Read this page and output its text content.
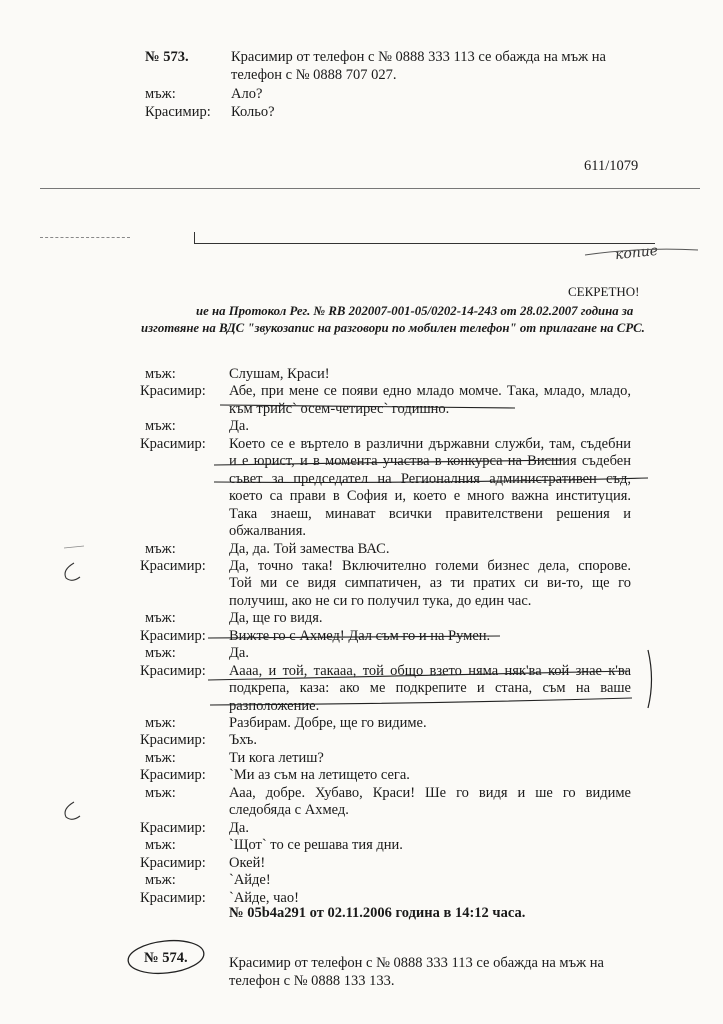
№ 573.	Красимир от телефон с № 0888 333 113 се обажда на мъж на
телефон с № 0888 707 027.
мъж:	Ало?
Красимир: Кольо?
611/1079
копие
СЕКРЕТНО!
ие на Протокол Рег. № RB 202007-001-05/0202-14-243 от 28.02.2007 година за
изготвяне на ВДС "звукозапис на разговори по мобилен телефон" от прилагане на СРС.
мъж:	Слушам, Краси!
Красимир: Абе, при мене се появи едно младо момче. Така, младо, младо,
към трийс` осем-четирес` годишно.
мъж:	Да.
Красимир: Което се е въртело в различни държавни служби, там, съдебни
и е юрист, и в момента участва в конкурса на Висшия съдебен
съвет за председател на Регионалния административен съд,
което са прави в София и, което е много важна институция.
Така знаеш, минават всички правителствени решения и
обжалвания.
мъж:	Да, да. Той замества ВАС.
Красимир: Да, точно така! Включително големи бизнес дела, спорове.
Той ми се видя симпатичен, аз ти пратих си ви-то, ще го
получиш, ако не си го получил тука, до един час.
мъж:	Да, ще го видя.
Красимир: Вижте го с Ахмед! Дал съм го и на Румен.
мъж:	Да.
Красимир: Аааа, и той, такааа, той общо взето няма няк'ва кой знае к'ва
подкрепа, каза: ако ме подкрепите и стана, съм на ваше
разположение.
мъж:	Разбирам. Добре, ще го видиме.
Красимир: Ъхъ.
мъж:	Ти кога летиш?
Красимир: `Ми аз съм на летището сега.
мъж:	Ааа, добре. Хубаво, Краси! Ше го видя и ше го видиме
следобяда с Ахмед.
Красимир: Да.
мъж:	`Щот` то се решава тия дни.
Красимир: Окей!
мъж:	`Айде!
Красимир: `Айде, чао!
№ 05b4a291 от 02.11.2006 година в 14:12 часа.
№ 574.	Красимир от телефон с № 0888 333 113 се обажда на мъж на
телефон с № 0888 133 133.
